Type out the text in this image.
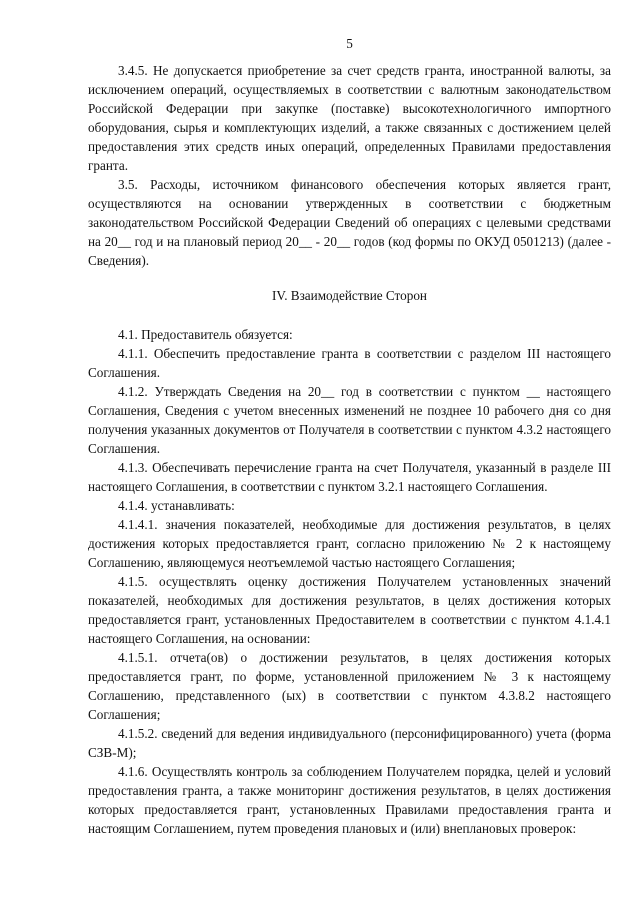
5

3.4.5. Не допускается приобретение за счет средств гранта, иностранной валюты, за исключением операций, осуществляемых в соответствии с валютным законодательством Российской Федерации при закупке (поставке) высокотехнологичного импортного оборудования, сырья и комплектующих изделий, а также связанных с достижением целей предоставления этих средств иных операций, определенных Правилами предоставления гранта.

3.5. Расходы, источником финансового обеспечения которых является грант, осуществляются на основании утвержденных в соответствии с бюджетным законодательством Российской Федерации Сведений об операциях с целевыми средствами на 20__ год и на плановый период 20__ - 20__ годов (код формы по ОКУД 0501213) (далее - Сведения).

IV. Взаимодействие Сторон

4.1. Предоставитель обязуется:

4.1.1. Обеспечить предоставление гранта в соответствии с разделом III настоящего Соглашения.

4.1.2. Утверждать Сведения на 20__ год в соответствии с пунктом __ настоящего Соглашения, Сведения с учетом внесенных изменений не позднее 10 рабочего дня со дня получения указанных документов от Получателя в соответствии с пунктом 4.3.2 настоящего Соглашения.

4.1.3. Обеспечивать перечисление гранта на счет Получателя, указанный в разделе III настоящего Соглашения, в соответствии с пунктом 3.2.1 настоящего Соглашения.

4.1.4. устанавливать:

4.1.4.1. значения показателей, необходимые для достижения результатов, в целях достижения которых предоставляется грант, согласно приложению № 2 к настоящему Соглашению, являющемуся неотъемлемой частью настоящего Соглашения;

4.1.5. осуществлять оценку достижения Получателем установленных значений показателей, необходимых для достижения результатов, в целях достижения которых предоставляется грант, установленных Предоставителем в соответствии с пунктом 4.1.4.1 настоящего Соглашения, на основании:

4.1.5.1. отчета(ов) о достижении результатов, в целях достижения которых предоставляется грант, по форме, установленной приложением № 3 к настоящему Соглашению, представленного (ых) в соответствии с пунктом 4.3.8.2 настоящего Соглашения;

4.1.5.2. сведений для ведения индивидуального (персонифицированного) учета (форма СЗВ-М);

4.1.6. Осуществлять контроль за соблюдением Получателем порядка, целей и условий предоставления гранта, а также мониторинг достижения результатов, в целях достижения которых предоставляется грант, установленных Правилами предоставления гранта и настоящим Соглашением, путем проведения плановых и (или) внеплановых проверок:
